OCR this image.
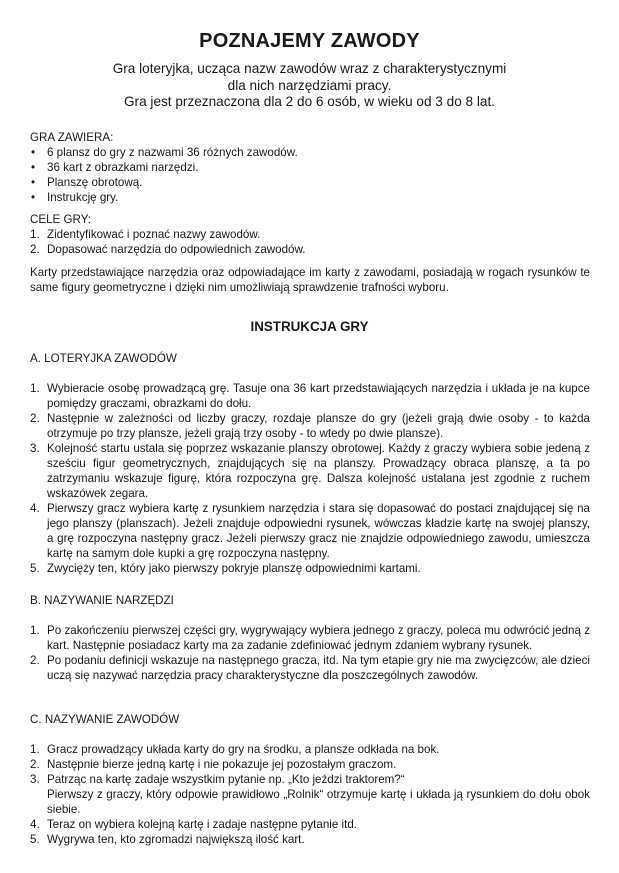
POZNAJEMY ZAWODY
Gra loteryjka, ucząca nazw zawodów wraz z charakterystycznymi
dla nich narzędziami pracy.
Gra jest przeznaczona dla 2 do 6 osób, w wieku od 3 do 8 lat.
GRA ZAWIERA:
• 6 plansz do gry z nazwami 36 różnych zawodów.
• 36 kart z obrazkami narzędzi.
• Planszę obrotową.
• Instrukcję gry.
CELE GRY:
1. Zidentyfikować i poznać nazwy zawodów.
2. Dopasować narzędzia do odpowiednich zawodów.
Karty przedstawiające narzędzia oraz odpowiadające im karty z zawodami, posiadają w rogach rysunków te same figury geometryczne i dzięki nim umożliwiają sprawdzenie trafności wyboru.
INSTRUKCJA GRY
A. LOTERYJKA ZAWODÓW
1. Wybieracie osobę prowadzącą grę. Tasuje ona 36 kart przedstawiających narzędzia i układa je na kupce pomiędzy graczami, obrazkami do dołu.
2. Następnie w zależności od liczby graczy, rozdaje plansze do gry (jeżeli grają dwie osoby - to każda otrzymuje po trzy plansze, jeżeli grają trzy osoby - to wtedy po dwie plansze).
3. Kolejność startu ustala się poprzez wskazanie planszy obrotowej. Każdy z graczy wybiera sobie jedeną z sześciu figur geometrycznych, znajdujących się na planszy. Prowadzący obraca planszę, a ta po zatrzymaniu wskazuje figurę, która rozpoczyna grę. Dalsza kolejność ustalana jest zgodnie z ruchem wskazówek zegara.
4. Pierwszy gracz wybiera kartę z rysunkiem narzędzia i stara się dopasować do postaci znajdującej się na jego planszy (planszach). Jeżeli znajduje odpowiedni rysunek, wówczas kładzie kartę na swojej planszy, a grę rozpoczyna następny gracz. Jeżeli pierwszy gracz nie znajdzie odpowiedniego zawodu, umieszcza kartę na samym dole kupki a grę rozpoczyna następny.
5. Zwycięży ten, który jako pierwszy pokryje planszę odpowiednimi kartami.
B. NAZYWANIE NARZĘDZI
1. Po zakończeniu pierwszej części gry, wygrywający wybiera jednego z graczy, poleca mu odwrócić jedną z kart. Następnie posiadacz karty ma za zadanie zdefiniować jednym zdaniem wybrany rysunek.
2. Po podaniu definicji wskazuje na następnego gracza, itd. Na tym etapie gry nie ma zwycięzców, ale dzieci uczą się nazywać narzędzia pracy charakterystyczne dla poszczególnych zawodów.
C. NAZYWANIE ZAWODÓW
1. Gracz prowadzący układa karty do gry na środku, a plansze odkłada na bok.
2. Następnie bierze jedną kartę i nie pokazuje jej pozostałym graczom.
3. Patrząc na kartę zadaje wszystkim pytanie np. „Kto jeździ traktorem?“
Pierwszy z graczy, który odpowie prawidłowo „Rolnik“ otrzymuje kartę i układa ją rysunkiem do dołu obok siebie.
4. Teraz on wybiera kolejną kartę i zadaje następne pytanie itd.
5. Wygrywa ten, kto zgromadzi największą ilość kart.
